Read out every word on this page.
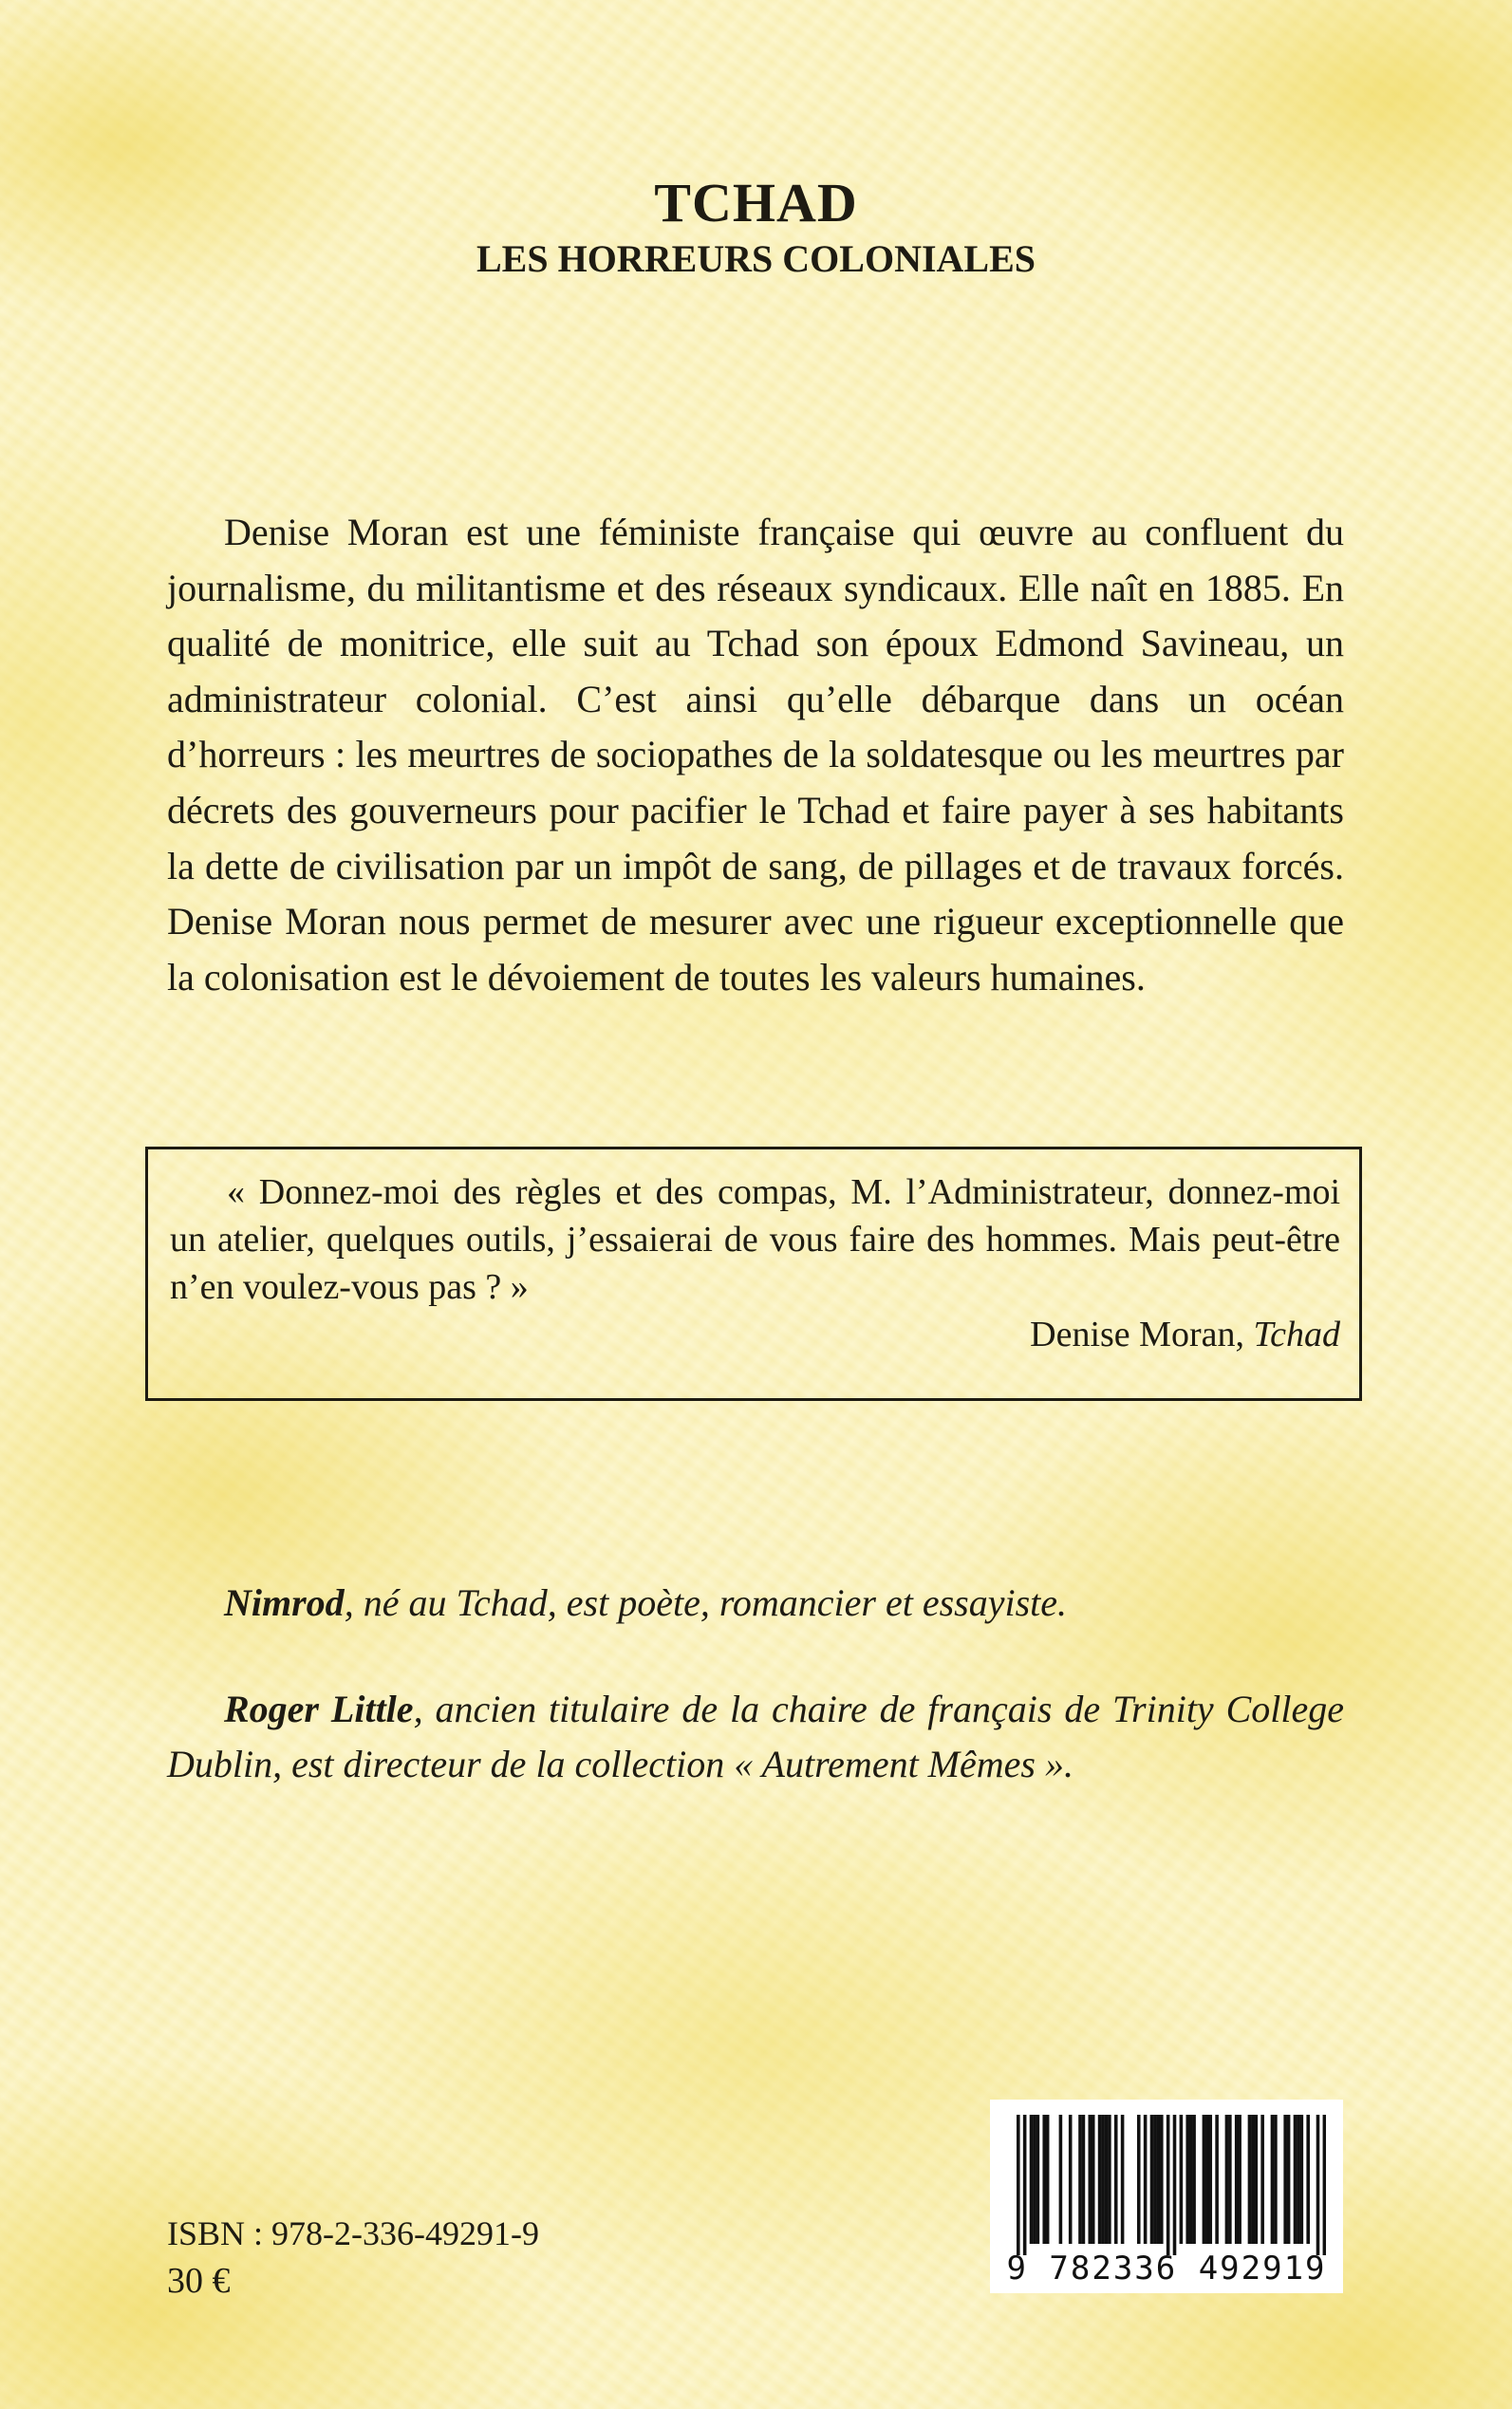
TCHAD
LES HORREURS COLONIALES

Denise Moran est une féministe française qui œuvre au confluent du journalisme, du militantisme et des réseaux syndicaux. Elle naît en 1885. En qualité de monitrice, elle suit au Tchad son époux Edmond Savineau, un administrateur colonial. C’est ainsi qu’elle débarque dans un océan d’horreurs : les meurtres de sociopathes de la soldatesque ou les meurtres par décrets des gouverneurs pour pacifier le Tchad et faire payer à ses habitants la dette de civilisation par un impôt de sang, de pillages et de travaux forcés. Denise Moran nous permet de mesurer avec une rigueur exceptionnelle que la colonisation est le dévoiement de toutes les valeurs humaines.

« Donnez-moi des règles et des compas, M. l’Administrateur, donnez-moi un atelier, quelques outils, j’essaierai de vous faire des hommes. Mais peut-être n’en voulez-vous pas ? »

Denise Moran, Tchad

Nimrod, né au Tchad, est poète, romancier et essayiste.

Roger Little, ancien titulaire de la chaire de français de Trinity College Dublin, est directeur de la collection « Autrement Mêmes ».

ISBN : 978-2-336-49291-9

30 €	9 782336 492919
